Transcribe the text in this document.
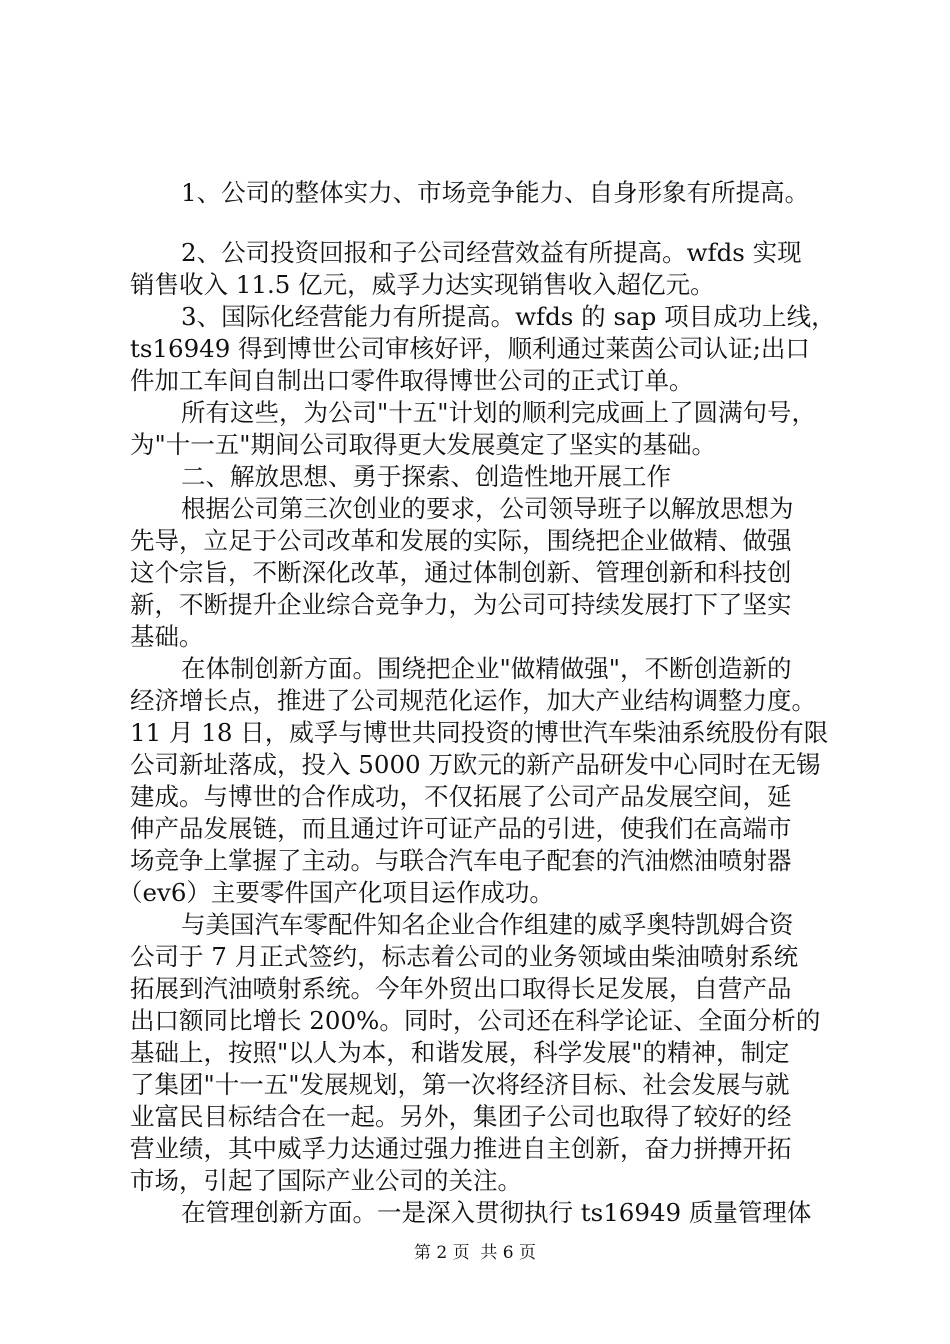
1、公司的整体实力、市场竞争能力、自身形象有所提高。
2、公司投资回报和子公司经营效益有所提高。wfds 实现
销售收入 11.5 亿元，威孚力达实现销售收入超亿元。
3、国际化经营能力有所提高。wfds 的 sap 项目成功上线，
ts16949 得到博世公司审核好评，顺利通过莱茵公司认证;出口
件加工车间自制出口零件取得博世公司的正式订单。
所有这些，为公司"十五"计划的顺利完成画上了圆满句号，
为"十一五"期间公司取得更大发展奠定了坚实的基础。
二、解放思想、勇于探索、创造性地开展工作
根据公司第三次创业的要求，公司领导班子以解放思想为
先导，立足于公司改革和发展的实际，围绕把企业做精、做强
这个宗旨，不断深化改革，通过体制创新、管理创新和科技创
新，不断提升企业综合竞争力，为公司可持续发展打下了坚实
基础。
在体制创新方面。围绕把企业"做精做强"，不断创造新的
经济增长点，推进了公司规范化运作，加大产业结构调整力度。
11 月 18 日，威孚与博世共同投资的博世汽车柴油系统股份有限
公司新址落成，投入 5000 万欧元的新产品研发中心同时在无锡
建成。与博世的合作成功，不仅拓展了公司产品发展空间，延
伸产品发展链，而且通过许可证产品的引进，使我们在高端市
场竞争上掌握了主动。与联合汽车电子配套的汽油燃油喷射器
（ev6）主要零件国产化项目运作成功。
与美国汽车零配件知名企业合作组建的威孚奥特凯姆合资
公司于 7 月正式签约，标志着公司的业务领域由柴油喷射系统
拓展到汽油喷射系统。今年外贸出口取得长足发展，自营产品
出口额同比增长 200%。同时，公司还在科学论证、全面分析的
基础上，按照"以人为本，和谐发展，科学发展"的精神，制定
了集团"十一五"发展规划，第一次将经济目标、社会发展与就
业富民目标结合在一起。另外，集团子公司也取得了较好的经
营业绩，其中威孚力达通过强力推进自主创新，奋力拼搏开拓
市场，引起了国际产业公司的关注。
在管理创新方面。一是深入贯彻执行 ts16949 质量管理体
第 2 页  共 6 页
